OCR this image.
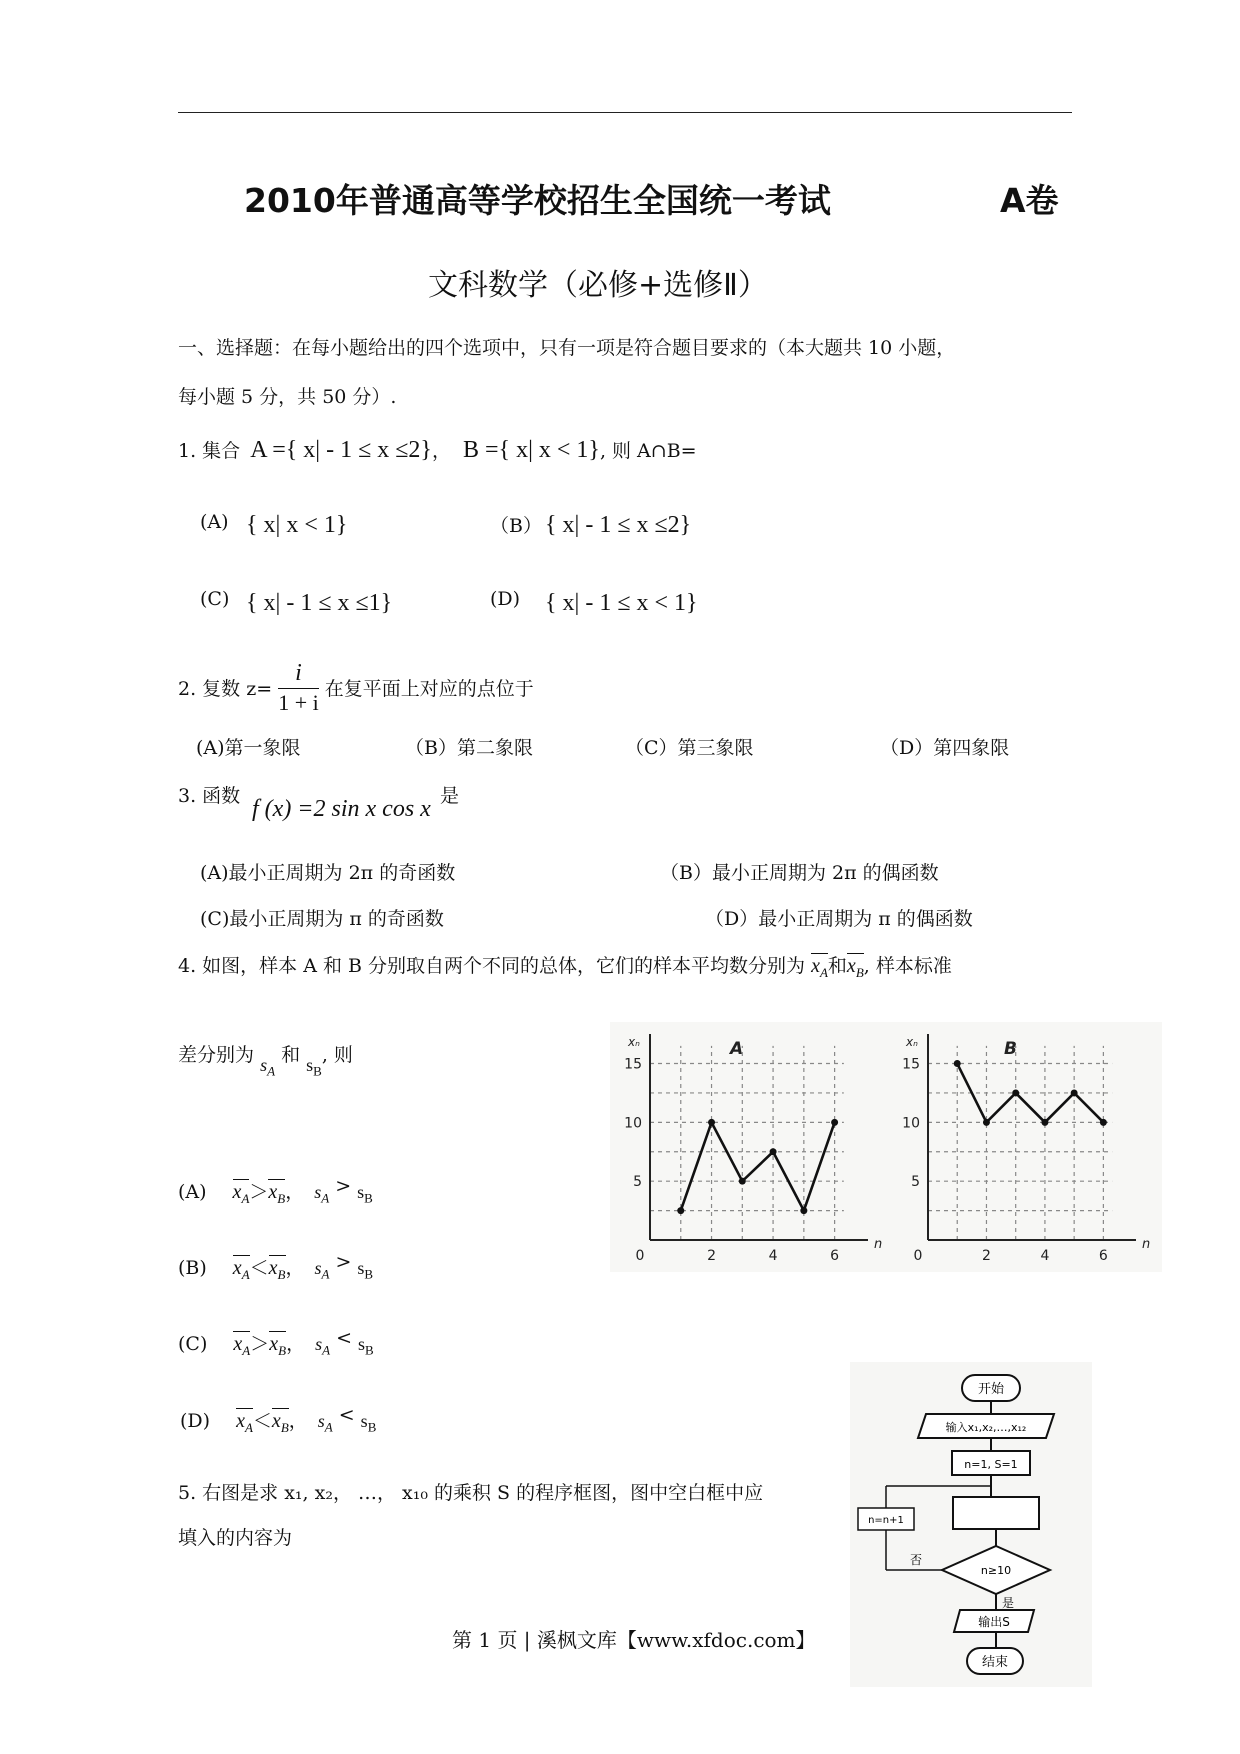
2010年普通高等学校招生全国统一考试	A卷
文科数学（必修+选修Ⅱ）
一、选择题：在每小题给出的四个选项中，只有一项是符合题目要求的（本大题共 10 小题，
每小题 5 分，共 50 分）.
1. 集合 A ={ x| - 1 ≤ x ≤2}， B ={ x| x < 1}, 则 A∩B=
(A) { x| x < 1}	（B） { x| - 1 ≤ x ≤2}
(C) { x| - 1 ≤ x ≤1}	(D) { x| - 1 ≤ x < 1}
2. 复数 $z= \frac{i}{1 + i}$ 在复平面上对应的点位于
(A)第一象限	（B）第二象限	（C）第三象限	（D）第四象限
3. 函数 f (x) =2 sin x cos x 是
(A)最小正周期为 2π 的奇函数	（B）最小正周期为 2π 的偶函数
(C)最小正周期为 π 的奇函数	（D）最小正周期为 π 的偶函数
4. 如图，样本 A 和 B 分别取自两个不同的总体，它们的样本平均数分别为 $x_A$和$x_B$, 样本标准
差分别为 $s_A$ 和 $s_B$, 则
(A) $x_A>x_B$， $s_A> s_B$
(B) $x_A<x_B$， $s_A> s_B$
(C) $x_A>x_B$， $s_A< s_B$
(D) $x_A<x_B$， $s_A< s_B$
0	2	4	6
5
10
15
A
xₙ
n
0	2	4	6
5
10
15
B
xₙ
n
5. 右图是求 x₁, x₂， …， x₁₀ 的乘积 S 的程序框图，图中空白框中应
填入的内容为
开始
输入x₁,x₂,…,x₁₂
n=1, S=1
n=n+1
n≥10
否
是
输出S
结束
第 1 页 | 溪枫文库【www.xfdoc.com】
